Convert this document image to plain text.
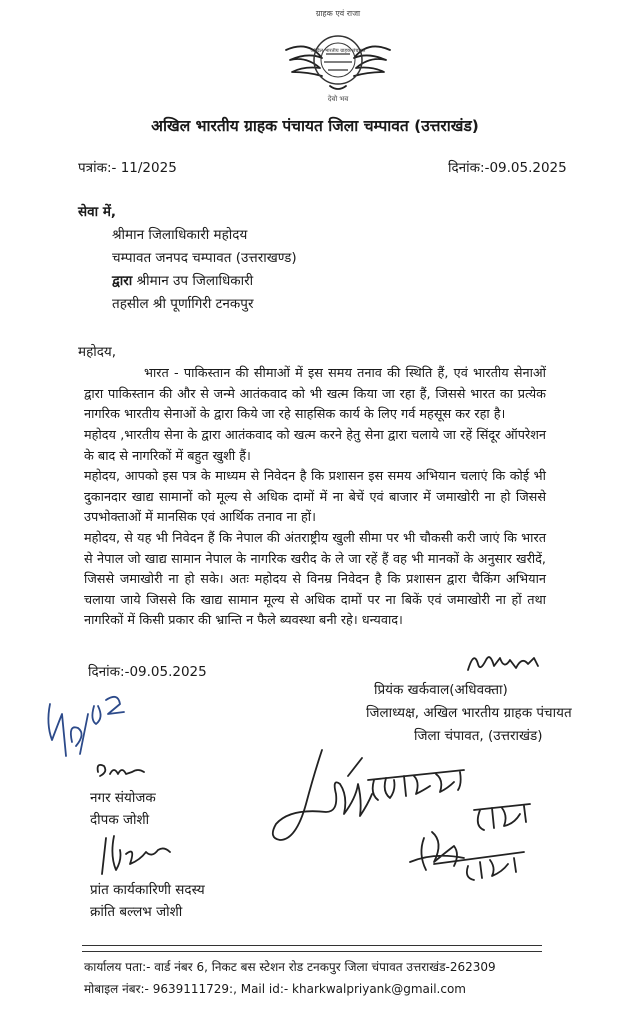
ग्राहक एवं राजा
अखिल भारतीय ग्राहक पंचायत
देवो भव
अखिल भारतीय ग्राहक पंचायत जिला चम्पावत (उत्तराखंड)
पत्रांक:- 11/2025	दिनांक:-09.05.2025
सेवा में,
श्रीमान जिलाधिकारी महोदय
चम्पावत जनपद चम्पावत (उत्तराखण्ड)
द्वारा श्रीमान उप जिलाधिकारी
तहसील श्री पूर्णागिरी टनकपुर
महोदय,
भारत - पाकिस्तान की सीमाओं में इस समय तनाव की स्थिति हैं, एवं भारतीय सेनाओं द्वारा पाकिस्तान की और से जन्मे आतंकवाद को भी खत्म किया जा रहा हैं, जिससे भारत का प्रत्येक नागरिक भारतीय सेनाओं के द्वारा किये जा रहे साहसिक कार्य के लिए गर्व महसूस कर रहा है।
महोदय ,भारतीय सेना के द्वारा आतंकवाद को खत्म करने हेतु सेना द्वारा चलाये जा रहें सिंदूर ऑपरेशन के बाद से नागरिकों में बहुत खुशी हैं।
महोदय, आपको इस पत्र के माध्यम से निवेदन है कि प्रशासन इस समय अभियान चलाएं कि कोई भी दुकानदार खाद्य सामानों को मूल्य से अधिक दामों में ना बेचें एवं बाजार में जमाखोरी ना हो जिससे उपभोक्ताओं में मानसिक एवं आर्थिक तनाव ना हों।
महोदय, से यह भी निवेदन हैं कि नेपाल की अंतराष्ट्रीय खुली सीमा पर भी चौकसी करी जाएं कि भारत से नेपाल जो खाद्य सामान नेपाल के नागरिक खरीद के ले जा रहें हैं वह भी मानकों के अनुसार खरीदें, जिससे जमाखोरी ना हो सके। अतः महोदय से विनम्र निवेदन है कि प्रशासन द्वारा चैकिंग अभियान चलाया जाये जिससे कि खाद्य सामान मूल्य से अधिक दामों पर ना बिकें एवं जमाखोरी ना हों तथा नागरिकों में किसी प्रकार की भ्रान्ति न फैले ब्यवस्था बनी रहे। धन्यवाद।
दिनांक:-09.05.2025
प्रियंक खर्कवाल(अधिवक्ता)
जिलाध्यक्ष, अखिल भारतीय ग्राहक पंचायत
जिला चंपावत, (उत्तराखंड)
नगर संयोजक
दीपक जोशी
प्रांत कार्यकारिणी सदस्य
क्रांति बल्लभ जोशी
कार्यालय पता:- वार्ड नंबर 6, निकट बस स्टेशन रोड टनकपुर जिला चंपावत उत्तराखंड-262309
मोबाइल नंबर:- 9639111729:, Mail id:- kharkwalpriyank@gmail.com
